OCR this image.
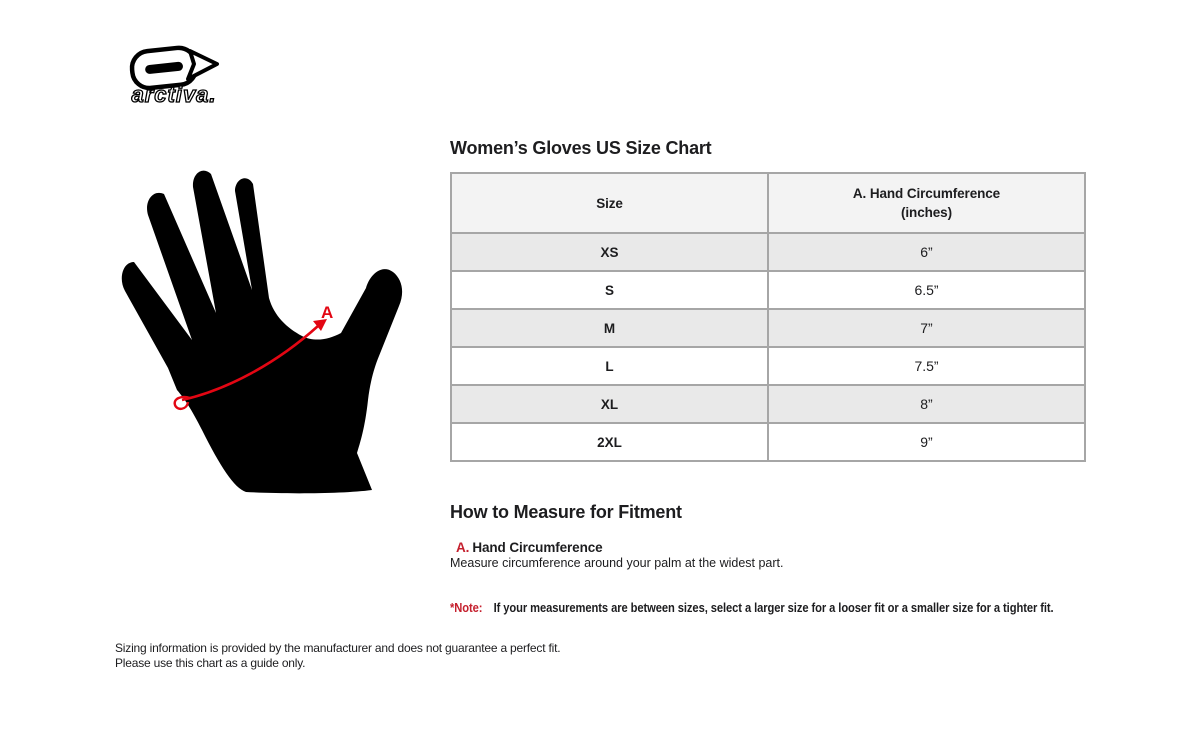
arctiva.
A
Women’s Gloves US Size Chart
Size	A. Hand Circumference
(inches)

XS	6”
S	6.5”
M	7”
L	7.5”
XL	8”
2XL	9”
How to Measure for Fitment
A. Hand Circumference

Measure circumference around your palm at the widest part.

*Note: If your measurements are between sizes, select a larger size for a looser fit or a smaller size for a tighter fit.
Sizing information is provided by the manufacturer and does not guarantee a perfect fit.
Please use this chart as a guide only.
